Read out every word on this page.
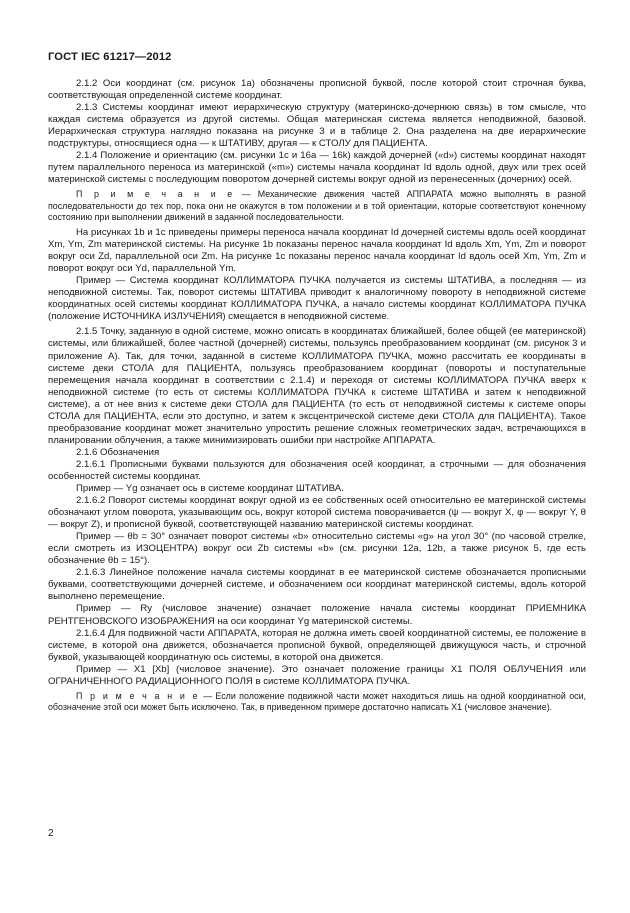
ГОСТ IEC 61217—2012

2.1.2 Оси координат (см. рисунок 1а) обозначены прописной буквой, после которой стоит строчная буква, соответствующая определенной системе координат.

2.1.3 Системы координат имеют иерархическую структуру (материнско-дочернюю связь) в том смысле, что каждая система образуется из другой системы. Общая материнская система является неподвижной, базовой. Иерархическая структура наглядно показана на рисунке 3 и в таблице 2. Она разделена на две иерархические подструктуры, относящиеся одна — к ШТАТИВУ, другая — к СТОЛУ для ПАЦИЕНТА.

2.1.4 Положение и ориентацию (см. рисунки 1с и 16а — 16k) каждой дочерней («d») системы координат находят путем параллельного переноса из материнской («m») системы начала координат Id вдоль одной, двух или трех осей материнской системы с последующим поворотом дочерней системы вокруг одной из перенесенных (дочерних) осей.

П р и м е ч а н и е — Механические движения частей АППАРАТА можно выполнять в разной последовательности до тех пор, пока они не окажутся в том положении и в той ориентации, которые соответствуют конечному состоянию при выполнении движений в заданной последовательности.

На рисунках 1b и 1с приведены примеры переноса начала координат Id дочерней системы вдоль осей координат Xm, Ym, Zm материнской системы. На рисунке 1b показаны перенос начала координат Id вдоль Xm, Ym, Zm и поворот вокруг оси Zd, параллельной оси Zm. На рисунке 1с показаны перенос начала координат Id вдоль осей Xm, Ym, Zm и поворот вокруг оси Yd, параллельной Ym.

Пример — Система координат КОЛЛИМАТОРА ПУЧКА получается из системы ШТАТИВА, а последняя — из неподвижной системы. Так, поворот системы ШТАТИВА приводит к аналогичному повороту в неподвижной системе координатных осей системы координат КОЛЛИМАТОРА ПУЧКА, а начало системы координат КОЛЛИМАТОРА ПУЧКА (положение ИСТОЧНИКА ИЗЛУЧЕНИЯ) смещается в неподвижной системе.

2.1.5 Точку, заданную в одной системе, можно описать в координатах ближайшей, более общей (ее материнской) системы, или ближайшей, более частной (дочерней) системы, пользуясь преобразованием координат (см. рисунок 3 и приложение А). Так, для точки, заданной в системе КОЛЛИМАТОРА ПУЧКА, можно рассчитать ее координаты в системе деки СТОЛА для ПАЦИЕНТА, пользуясь преобразованием координат (повороты и поступательные перемещения начала координат в соответствии с 2.1.4) и переходя от системы КОЛЛИМАТОРА ПУЧКА вверх к неподвижной системе (то есть от системы КОЛЛИМАТОРА ПУЧКА к системе ШТАТИВА и затем к неподвижной системе), а от нее вниз к системе деки СТОЛА для ПАЦИЕНТА (то есть от неподвижной системы к системе опоры СТОЛА для ПАЦИЕНТА, если это доступно, и затем к эксцентрической системе деки СТОЛА для ПАЦИЕНТА). Такое преобразование координат может значительно упростить решение сложных геометрических задач, встречающихся в планировании облучения, а также минимизировать ошибки при настройке АППАРАТА.

2.1.6 Обозначения

2.1.6.1 Прописными буквами пользуются для обозначения осей координат, а строчными — для обозначения особенностей системы координат.

Пример — Yg означает ось в системе координат ШТАТИВА.

2.1.6.2 Поворот системы координат вокруг одной из ее собственных осей относительно ее материнской системы обозначают углом поворота, указывающим ось, вокруг которой система поворачивается (ψ — вокруг X, φ — вокруг Y, θ — вокруг Z), и прописной буквой, соответствующей названию материнской системы координат.

Пример — θb = 30° означает поворот системы «b» относительно системы «g» на угол 30° (по часовой стрелке, если смотреть из ИЗОЦЕНТРА) вокруг оси Zb системы «b» (см. рисунки 12a, 12b, а также рисунок 5, где есть обозначение θb = 15°).

2.1.6.3 Линейное положение начала системы координат в ее материнской системе обозначается прописными буквами, соответствующими дочерней системе, и обозначением оси координат материнской системы, вдоль которой выполнено перемещение.

Пример — Ry (числовое значение) означает положение начала системы координат ПРИЕМНИКА РЕНТГЕНОВСКОГО ИЗОБРАЖЕНИЯ на оси координат Yg материнской системы.

2.1.6.4 Для подвижной части АППАРАТА, которая не должна иметь своей координатной системы, ее положение в системе, в которой она движется, обозначается прописной буквой, определяющей движущуюся часть, и строчной буквой, указывающей координатную ось системы, в которой она движется.

Пример — X1 [Xb] (числовое значение). Это означает положение границы X1 ПОЛЯ ОБЛУЧЕНИЯ или ОГРАНИЧЕННОГО РАДИАЦИОННОГО ПОЛЯ в системе КОЛЛИМАТОРА ПУЧКА.

П р и м е ч а н и е — Если положение подвижной части может находиться лишь на одной координатной оси, обозначение этой оси может быть исключено. Так, в приведенном примере достаточно написать X1 (числовое значение).

2
